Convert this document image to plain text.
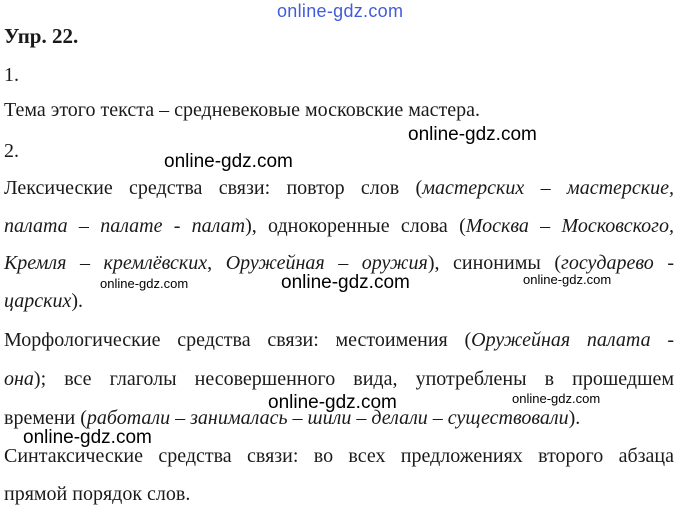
online-gdz.com
Упр. 22.
1.
Тема этого текста – средневековые московские мастера.
online-gdz.com
2.	online-gdz.com
Лексические средства связи: повтор слов (мастерских – мастерские,
палата – палате - палат), однокоренные слова (Москва – Московского,
Кремля – кремлёвских, Оружейная – оружия), синонимы (государево -
online-gdz.com	online-gdz.com	online-gdz.com
царских).
Морфологические средства связи: местоимения (Оружейная палата -
она); все глаголы несовершенного вида, употреблены в прошедшем
online-gdz.com	online-gdz.com
времени (работали – занималась – шили – делали – существовали).
online-gdz.com
Синтаксические средства связи: во всех предложениях второго абзаца
прямой порядок слов.
